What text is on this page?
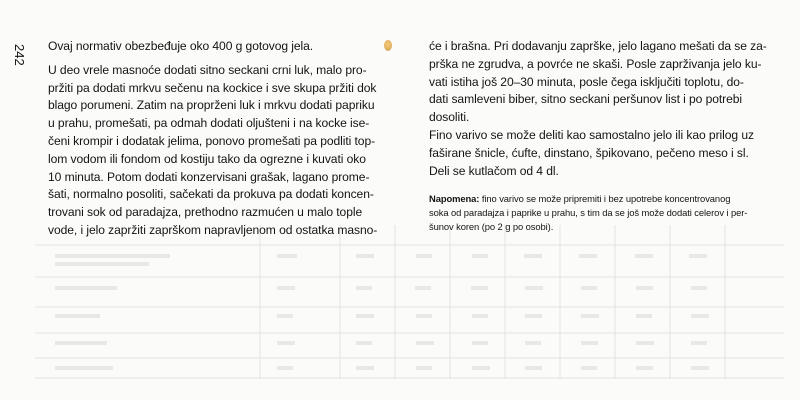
242 Ovaj normativ obezbeđuje oko 400 g gotovog jela.
U deo vrele masnoće dodati sitno seckani crni luk, malo pro-
pržiti pa dodati mrkvu sečenu na kockice i sve skupa pržiti dok
blago porumeni. Zatim na proprženi luk i mrkvu dodati papriku
u prahu, promešati, pa odmah dodati oljušteni i na kocke ise-
čeni krompir i dodatak jelima, ponovo promešati pa podliti top-
lom vodom ili fondom od kostiju tako da ogrezne i kuvati oko
10 minuta. Potom dodati konzervisani grašak, lagano prome-
šati, normalno posoliti, sačekati da prokuva pa dodati koncen-
trovani sok od paradajza, prethodno razmućen u malo tople
vode, i jelo zapržiti zaprškom napravljenom od ostatka masno-
će i brašna. Pri dodavanju zaprške, jelo lagano mešati da se za-
prška ne zgrudva, a povrće ne skaši. Posle zaprživanja jelo ku-
vati istiha još 20–30 minuta, posle čega isključiti toplotu, do-
dati samleveni biber, sitno seckani peršunov list i po potrebi
dosoliti.
Fino varivo se može deliti kao samostalno jelo ili kao prilog uz
faširane šnicle, ćufte, dinstano, špikovano, pečeno meso i sl.
Deli se kutlačom od 4 dl.
Napomena: fino varivo se može pripremiti i bez upotrebe koncentrovanog
soka od paradajza i paprike u prahu, s tim da se još može dodati celerov i per-
šunov koren (po 2 g po osobi).
